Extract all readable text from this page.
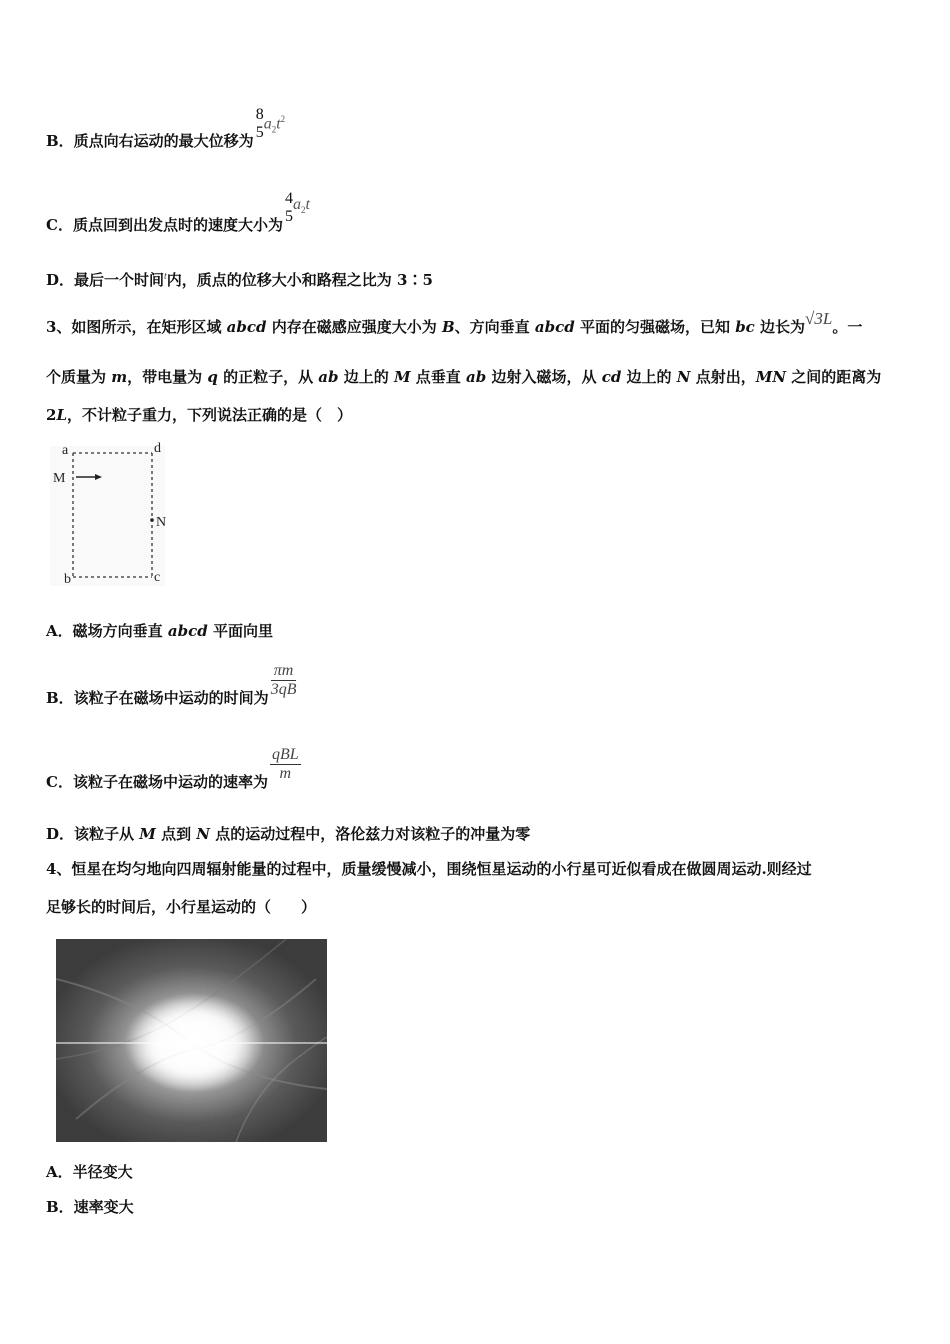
B．质点向右运动的最大位移为
8
5
$a_2t^2$
C．质点回到出发点时的速度大小为
4
5
$a_2t$
D．最后一个时间$^t$内，质点的位移大小和路程之比为 3∶5
3、如图所示，在矩形区域 abcd 内存在磁感应强度大小为 B、方向垂直 abcd 平面的匀强磁场，已知 bc 边长为√3L。一
个质量为 m，带电量为 q 的正粒子，从 ab 边上的 M 点垂直 ab 边射入磁场，从 cd 边上的 N 点射出，MN 之间的距离为
2L，不计粒子重力，下列说法正确的是（　）
a	d
M
N
b	c
A．磁场方向垂直 abcd 平面向里
B．该粒子在磁场中运动的时间为 $\frac{\pi m}{3qB}$
C．该粒子在磁场中运动的速率为 $\frac{\text{qBL}}{m}$
D．该粒子从 M 点到 N 点的运动过程中，洛伦兹力对该粒子的冲量为零
4、恒星在均匀地向四周辐射能量的过程中，质量缓慢减小，围绕恒星运动的小行星可近似看成在做圆周运动.则经过
足够长的时间后，小行星运动的（　　）
A．半径变大
B．速率变大
